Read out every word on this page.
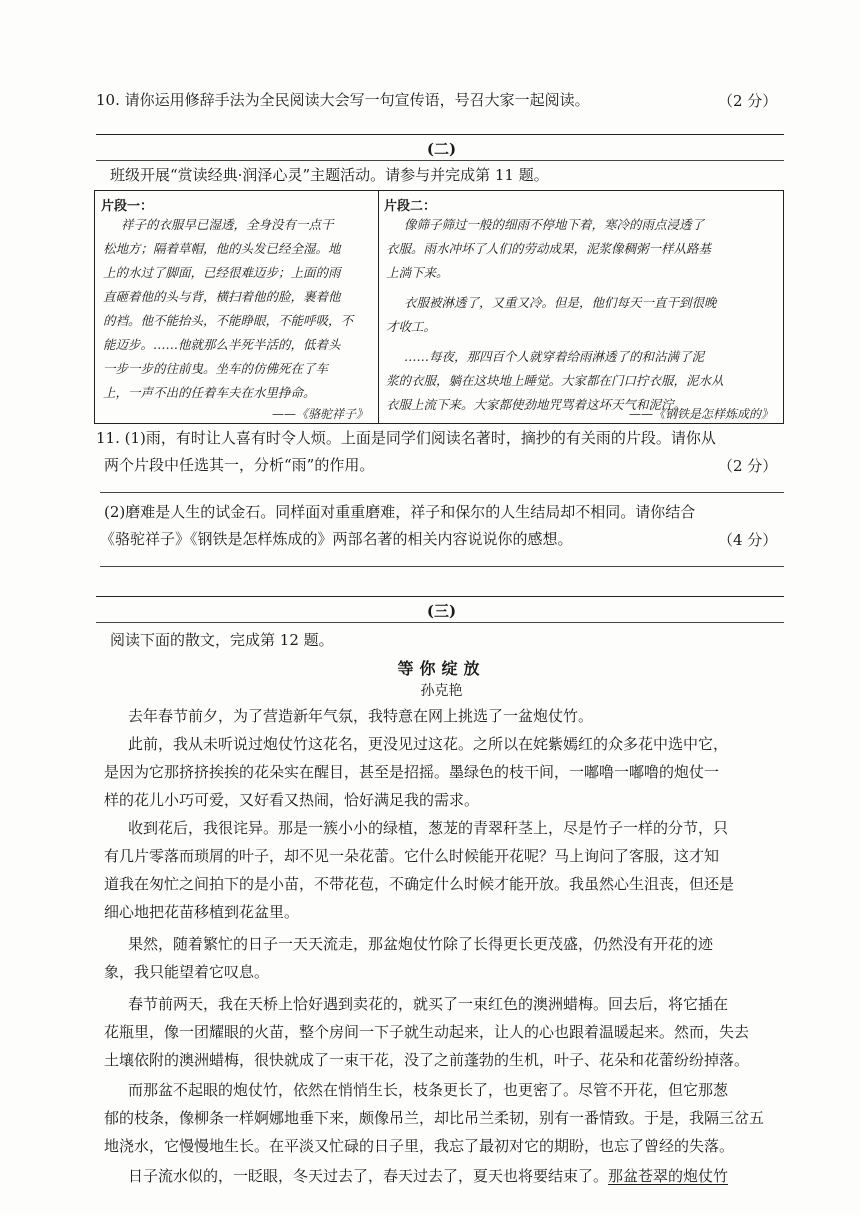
10. 请你运用修辞手法为全民阅读大会写一句宣传语，号召大家一起阅读。	（2 分）
(二)
班级开展“赏读经典·润泽心灵”主题活动。请参与并完成第 11 题。
片段一：
祥子的衣服早已湿透，全身没有一点干
松地方；隔着草帽，他的头发已经全湿。地
上的水过了脚面，已经很难迈步；上面的雨
直砸着他的头与背，横扫着他的脸，裹着他
的裆。他不能抬头，不能睁眼，不能呼吸，不
能迈步。……他就那么半死半活的，低着头
一步一步的往前曳。坐车的仿佛死在了车
上，一声不出的任着车夫在水里挣命。
——《骆驼祥子》
片段二：
像筛子筛过一般的细雨不停地下着，寒冷的雨点浸透了
衣服。雨水冲坏了人们的劳动成果，泥浆像稠粥一样从路基
上淌下来。
衣服被淋透了，又重又冷。但是，他们每天一直干到很晚
才收工。
……每夜，那四百个人就穿着给雨淋透了的和沾满了泥
浆的衣服，躺在这块地上睡觉。大家都在门口拧衣服，泥水从
衣服上流下来。大家都使劲地咒骂着这坏天气和泥泞。
——《钢铁是怎样炼成的》
11. (1)雨，有时让人喜有时令人烦。上面是同学们阅读名著时，摘抄的有关雨的片段。请你从
两个片段中任选其一，分析“雨”的作用。	（2 分）
(2)磨难是人生的试金石。同样面对重重磨难，祥子和保尔的人生结局却不相同。请你结合
《骆驼祥子》《钢铁是怎样炼成的》两部名著的相关内容说说你的感想。	（4 分）
(三)
阅读下面的散文，完成第 12 题。
等你绽放
孙克艳
去年春节前夕，为了营造新年气氛，我特意在网上挑选了一盆炮仗竹。
此前，我从未听说过炮仗竹这花名，更没见过这花。之所以在姹紫嫣红的众多花中选中它，
是因为它那挤挤挨挨的花朵实在醒目，甚至是招摇。墨绿色的枝干间，一嘟噜一嘟噜的炮仗一
样的花儿小巧可爱，又好看又热闹，恰好满足我的需求。
收到花后，我很诧异。那是一簇小小的绿植，葱茏的青翠秆茎上，尽是竹子一样的分节，只
有几片零落而琐屑的叶子，却不见一朵花蕾。它什么时候能开花呢？马上询问了客服，这才知
道我在匆忙之间拍下的是小苗，不带花苞，不确定什么时候才能开放。我虽然心生沮丧，但还是
细心地把花苗移植到花盆里。
果然，随着繁忙的日子一天天流走，那盆炮仗竹除了长得更长更茂盛，仍然没有开花的迹
象，我只能望着它叹息。
春节前两天，我在天桥上恰好遇到卖花的，就买了一束红色的澳洲蜡梅。回去后，将它插在
花瓶里，像一团耀眼的火苗，整个房间一下子就生动起来，让人的心也跟着温暖起来。然而，失去
土壤依附的澳洲蜡梅，很快就成了一束干花，没了之前蓬勃的生机，叶子、花朵和花蕾纷纷掉落。
而那盆不起眼的炮仗竹，依然在悄悄生长，枝条更长了，也更密了。尽管不开花，但它那葱
郁的枝条，像柳条一样婀娜地垂下来，颇像吊兰，却比吊兰柔韧，别有一番情致。于是，我隔三岔五
地浇水，它慢慢地生长。在平淡又忙碌的日子里，我忘了最初对它的期盼，也忘了曾经的失落。
日子流水似的，一眨眼，冬天过去了，春天过去了，夏天也将要结束了。那盆苍翠的炮仗竹
